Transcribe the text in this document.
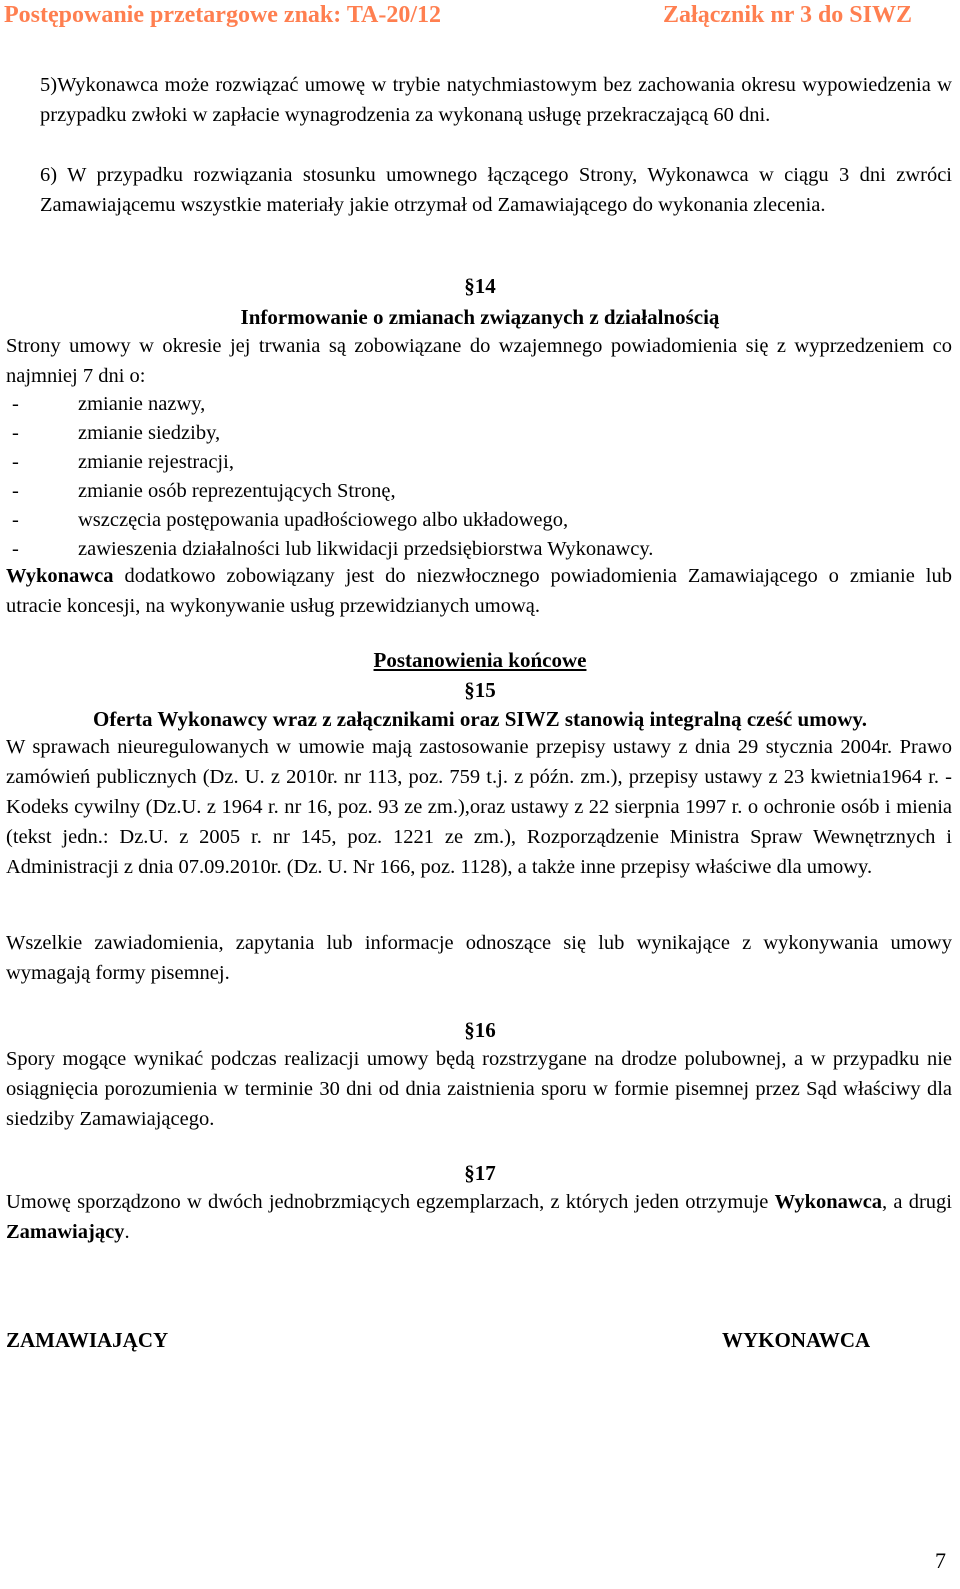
Postępowanie przetargowe znak: TA-20/12	Załącznik nr 3 do SIWZ
5)Wykonawca może rozwiązać umowę w trybie natychmiastowym bez zachowania okresu wypowiedzenia w przypadku zwłoki w zapłacie wynagrodzenia za wykonaną usługę przekraczającą 60 dni.
6) W przypadku rozwiązania stosunku umownego łączącego Strony, Wykonawca w ciągu 3 dni zwróci Zamawiającemu wszystkie materiały jakie otrzymał od Zamawiającego do wykonania zlecenia.
§14
Informowanie o zmianach związanych z działalnością
Strony umowy w okresie jej trwania są zobowiązane do wzajemnego powiadomienia się z wyprzedzeniem co najmniej 7 dni o:
-	zmianie nazwy,
-	zmianie siedziby,
-	zmianie rejestracji,
-	zmianie osób reprezentujących Stronę,
-	wszczęcia postępowania upadłościowego albo układowego,
-	zawieszenia działalności lub likwidacji przedsiębiorstwa Wykonawcy.
Wykonawca dodatkowo zobowiązany jest do niezwłocznego powiadomienia Zamawiającego o zmianie lub utracie koncesji, na wykonywanie usług przewidzianych umową.
Postanowienia końcowe
§15
Oferta Wykonawcy wraz z załącznikami oraz SIWZ stanowią integralną cześć umowy.
W sprawach nieuregulowanych w umowie mają zastosowanie przepisy ustawy z dnia 29 stycznia 2004r. Prawo zamówień publicznych (Dz. U. z 2010r. nr 113, poz. 759 t.j. z późn. zm.), przepisy ustawy z 23 kwietnia1964 r. - Kodeks cywilny (Dz.U. z 1964 r. nr 16, poz. 93 ze zm.),oraz ustawy z 22 sierpnia 1997 r. o ochronie osób i mienia (tekst jedn.: Dz.U. z 2005 r. nr 145, poz. 1221 ze zm.), Rozporządzenie Ministra Spraw Wewnętrznych i Administracji z dnia 07.09.2010r. (Dz. U. Nr 166, poz. 1128), a także inne przepisy właściwe dla umowy.
Wszelkie zawiadomienia, zapytania lub informacje odnoszące się lub wynikające z wykonywania umowy wymagają formy pisemnej.
§16
Spory mogące wynikać podczas realizacji umowy będą rozstrzygane na drodze polubownej, a w przypadku nie osiągnięcia porozumienia w terminie 30 dni od dnia zaistnienia sporu w formie pisemnej przez Sąd właściwy dla siedziby Zamawiającego.
§17
Umowę sporządzono w dwóch jednobrzmiących egzemplarzach, z których jeden otrzymuje Wykonawca, a drugi Zamawiający.
ZAMAWIAJĄCY	WYKONAWCA
7
